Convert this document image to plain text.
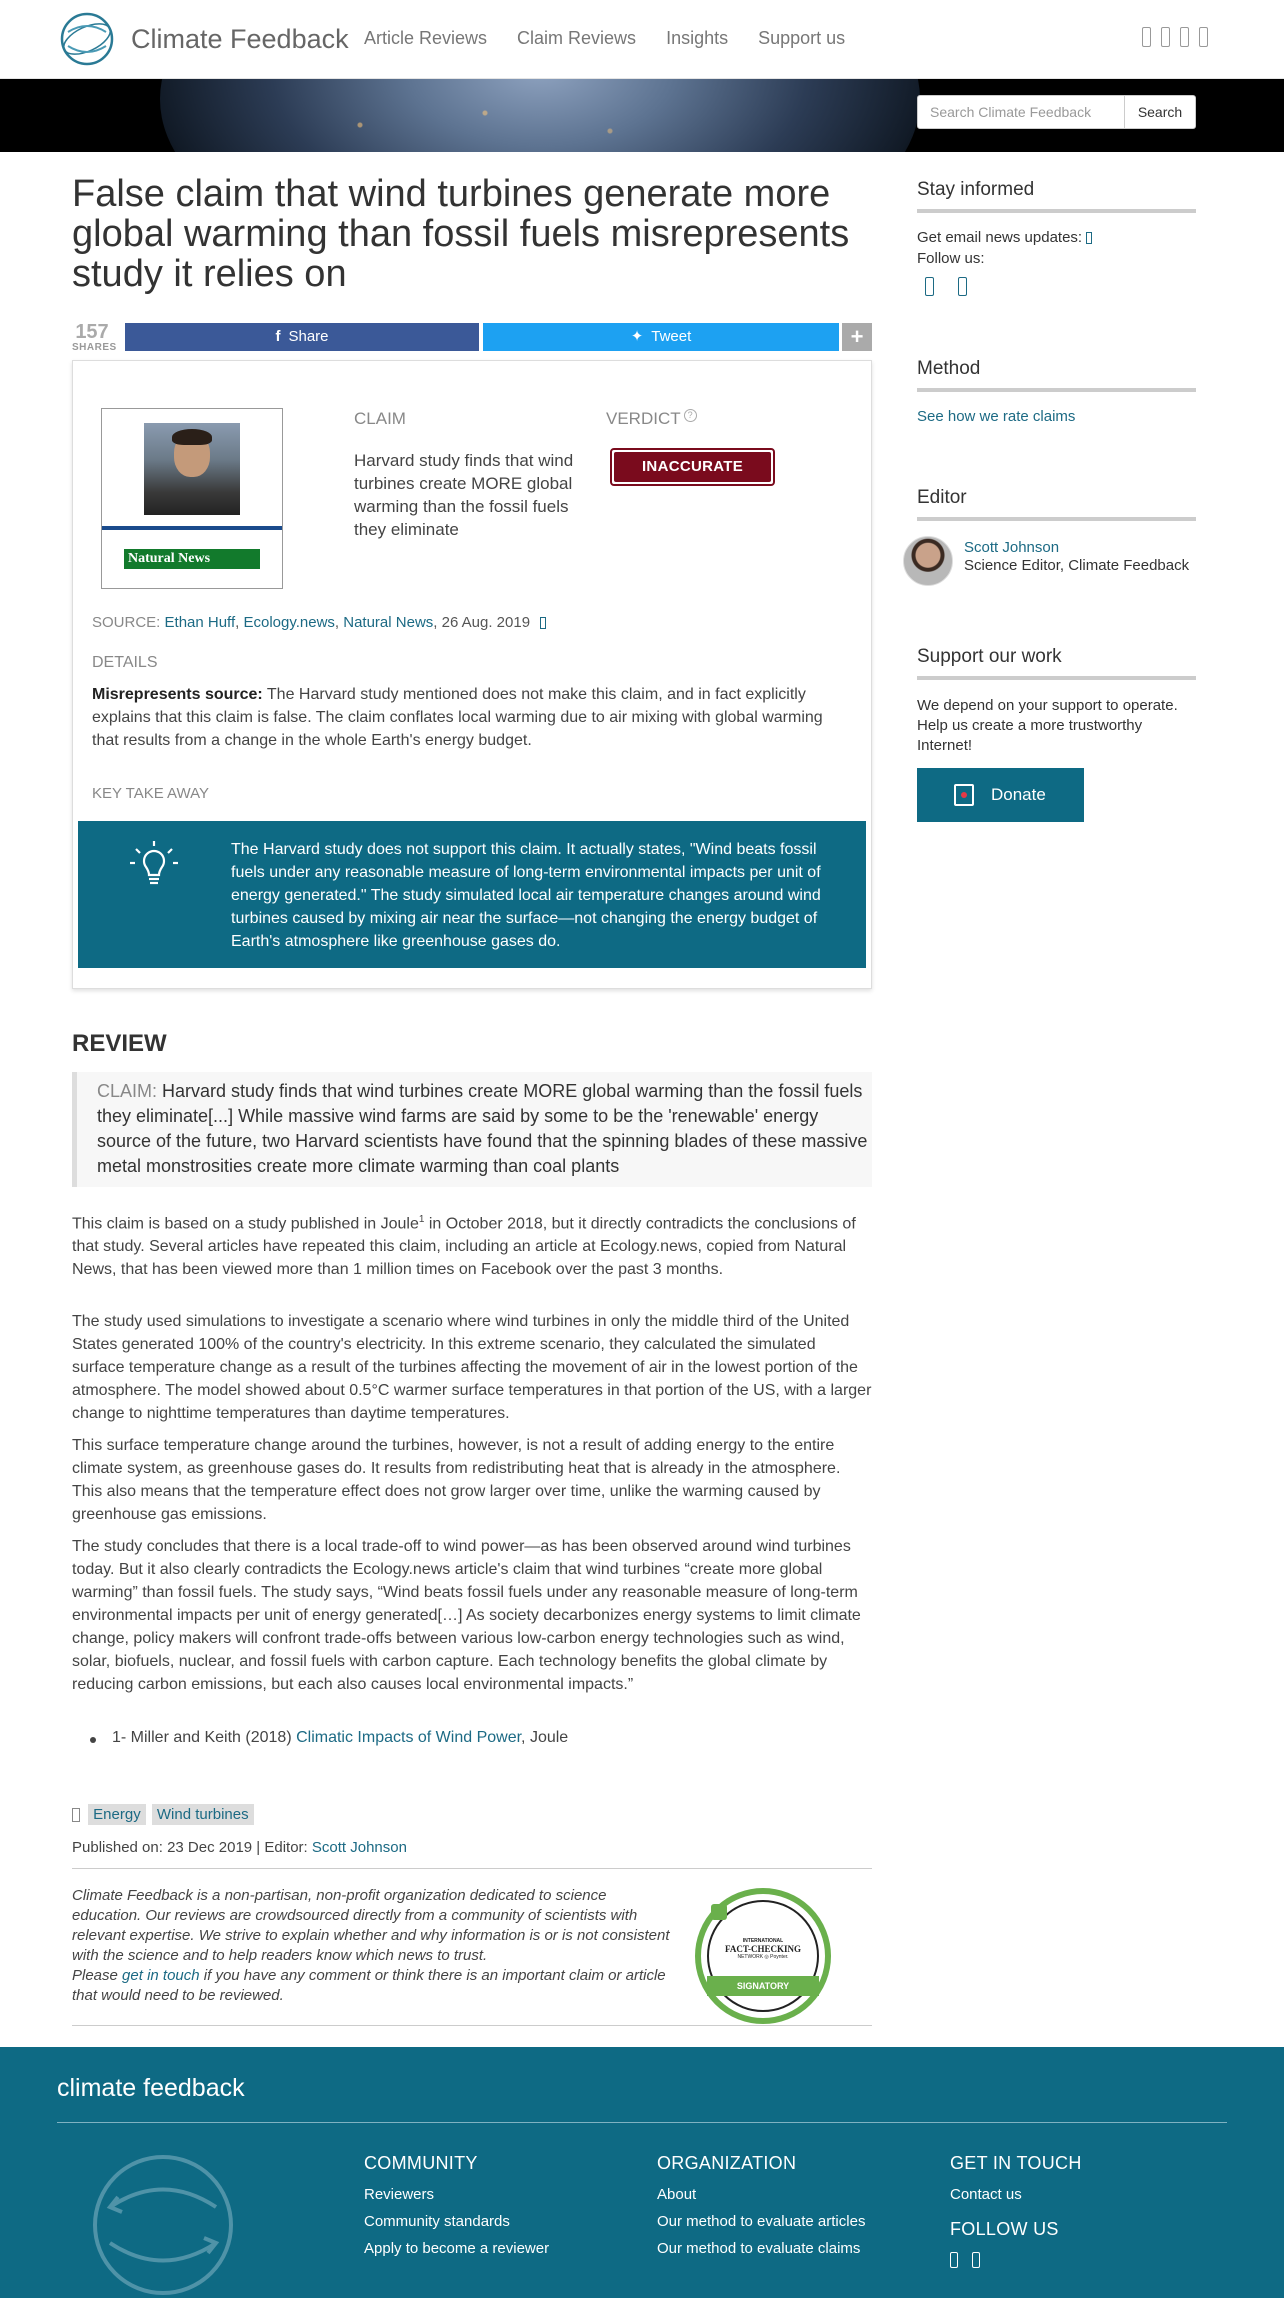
Climate Feedback Article Reviews Claim Reviews Insights Support us
Search Climate Feedback	Search
False claim that wind turbines generate more global warming than fossil fuels misrepresents study it relies on
157
SHARES
f Share	✦ Tweet	+
Natural News
CLAIM
Harvard study finds that wind turbines create MORE global warming than the fossil fuels they eliminate
VERDICT ?
INACCURATE
SOURCE: Ethan Huff, Ecology.news, Natural News, 26 Aug. 2019
DETAILS
Misrepresents source: The Harvard study mentioned does not make this claim, and in fact explicitly explains that this claim is false. The claim conflates local warming due to air mixing with global warming that results from a change in the whole Earth's energy budget.
KEY TAKE AWAY
The Harvard study does not support this claim. It actually states, "Wind beats fossil fuels under any reasonable measure of long-term environmental impacts per unit of energy generated." The study simulated local air temperature changes around wind turbines caused by mixing air near the surface—not changing the energy budget of Earth's atmosphere like greenhouse gases do.
REVIEW
CLAIM: Harvard study finds that wind turbines create MORE global warming than the fossil fuels they eliminate[...] While massive wind farms are said by some to be the 'renewable' energy source of the future, two Harvard scientists have found that the spinning blades of these massive metal monstrosities create more climate warming than coal plants

This claim is based on a study published in Joule$^1$ in October 2018, but it directly contradicts the conclusions of that study. Several articles have repeated this claim, including an article at Ecology.news, copied from Natural News, that has been viewed more than 1 million times on Facebook over the past 3 months.

The study used simulations to investigate a scenario where wind turbines in only the middle third of the United States generated 100% of the country's electricity. In this extreme scenario, they calculated the simulated surface temperature change as a result of the turbines affecting the movement of air in the lowest portion of the atmosphere. The model showed about 0.5°C warmer surface temperatures in that portion of the US, with a larger change to nighttime temperatures than daytime temperatures.

This surface temperature change around the turbines, however, is not a result of adding energy to the entire climate system, as greenhouse gases do. It results from redistributing heat that is already in the atmosphere. This also means that the temperature effect does not grow larger over time, unlike the warming caused by greenhouse gas emissions.

The study concludes that there is a local trade-off to wind power—as has been observed around wind turbines today. But it also clearly contradicts the Ecology.news article's claim that wind turbines “create more global warming” than fossil fuels. The study says, “Wind beats fossil fuels under any reasonable measure of long-term environmental impacts per unit of energy generated[…] As society decarbonizes energy systems to limit climate change, policy makers will confront trade-offs between various low-carbon energy technologies such as wind, solar, biofuels, nuclear, and fossil fuels with carbon capture. Each technology benefits the global climate by reducing carbon emissions, but each also causes local environmental impacts.”

1- Miller and Keith (2018) Climatic Impacts of Wind Power, Joule
Energy Wind turbines
Published on: 23 Dec 2019 | Editor: Scott Johnson
Climate Feedback is a non-partisan, non-profit organization dedicated to science education. Our reviews are crowdsourced directly from a community of scientists with relevant expertise. We strive to explain whether and why information is or is not consistent with the science and to help readers know which news to trust.
Please get in touch if you have any comment or think there is an important claim or article that would need to be reviewed.
INTERNATIONAL
FACT-CHECKING
NETWORK ◎ Poynter.
SIGNATORY
Stay informed
Get email news updates:
Follow us:
Method
See how we rate claims
Editor
Scott Johnson
Science Editor, Climate Feedback
Support our work
We depend on your support to operate. Help us create a more trustworthy Internet!
Donate
climate feedback
COMMUNITY
Reviewers
Community standards
Apply to become a reviewer
ORGANIZATION
About
Our method to evaluate articles
Our method to evaluate claims
GET IN TOUCH
Contact us
FOLLOW US
